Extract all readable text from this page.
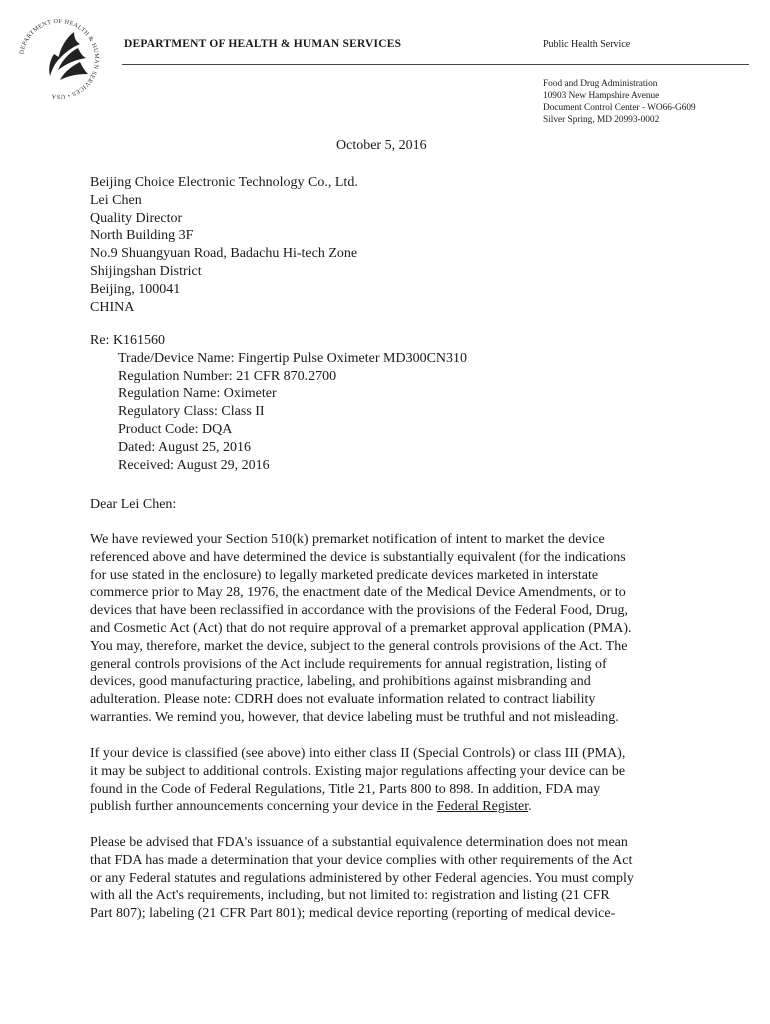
DEPARTMENT OF HEALTH & HUMAN SERVICES • USA
DEPARTMENT OF HEALTH & HUMAN SERVICES	Public Health Service
Food and Drug Administration
10903 New Hampshire Avenue
Document Control Center - WO66-G609
Silver Spring, MD 20993-0002
October 5, 2016
Beijing Choice Electronic Technology Co., Ltd.
Lei Chen
Quality Director
North Building 3F
No.9 Shuangyuan Road, Badachu Hi-tech Zone
Shijingshan District
Beijing, 100041
CHINA
Re: K161560
Trade/Device Name: Fingertip Pulse Oximeter MD300CN310
Regulation Number: 21 CFR 870.2700
Regulation Name: Oximeter
Regulatory Class: Class II
Product Code: DQA
Dated: August 25, 2016
Received: August 29, 2016
Dear Lei Chen:
We have reviewed your Section 510(k) premarket notification of intent to market the device
referenced above and have determined the device is substantially equivalent (for the indications
for use stated in the enclosure) to legally marketed predicate devices marketed in interstate
commerce prior to May 28, 1976, the enactment date of the Medical Device Amendments, or to
devices that have been reclassified in accordance with the provisions of the Federal Food, Drug,
and Cosmetic Act (Act) that do not require approval of a premarket approval application (PMA).
You may, therefore, market the device, subject to the general controls provisions of the Act. The
general controls provisions of the Act include requirements for annual registration, listing of
devices, good manufacturing practice, labeling, and prohibitions against misbranding and
adulteration. Please note: CDRH does not evaluate information related to contract liability
warranties. We remind you, however, that device labeling must be truthful and not misleading.
If your device is classified (see above) into either class II (Special Controls) or class III (PMA),
it may be subject to additional controls. Existing major regulations affecting your device can be
found in the Code of Federal Regulations, Title 21, Parts 800 to 898. In addition, FDA may
publish further announcements concerning your device in the Federal Register.
Please be advised that FDA's issuance of a substantial equivalence determination does not mean
that FDA has made a determination that your device complies with other requirements of the Act
or any Federal statutes and regulations administered by other Federal agencies. You must comply
with all the Act's requirements, including, but not limited to: registration and listing (21 CFR
Part 807); labeling (21 CFR Part 801); medical device reporting (reporting of medical device-
